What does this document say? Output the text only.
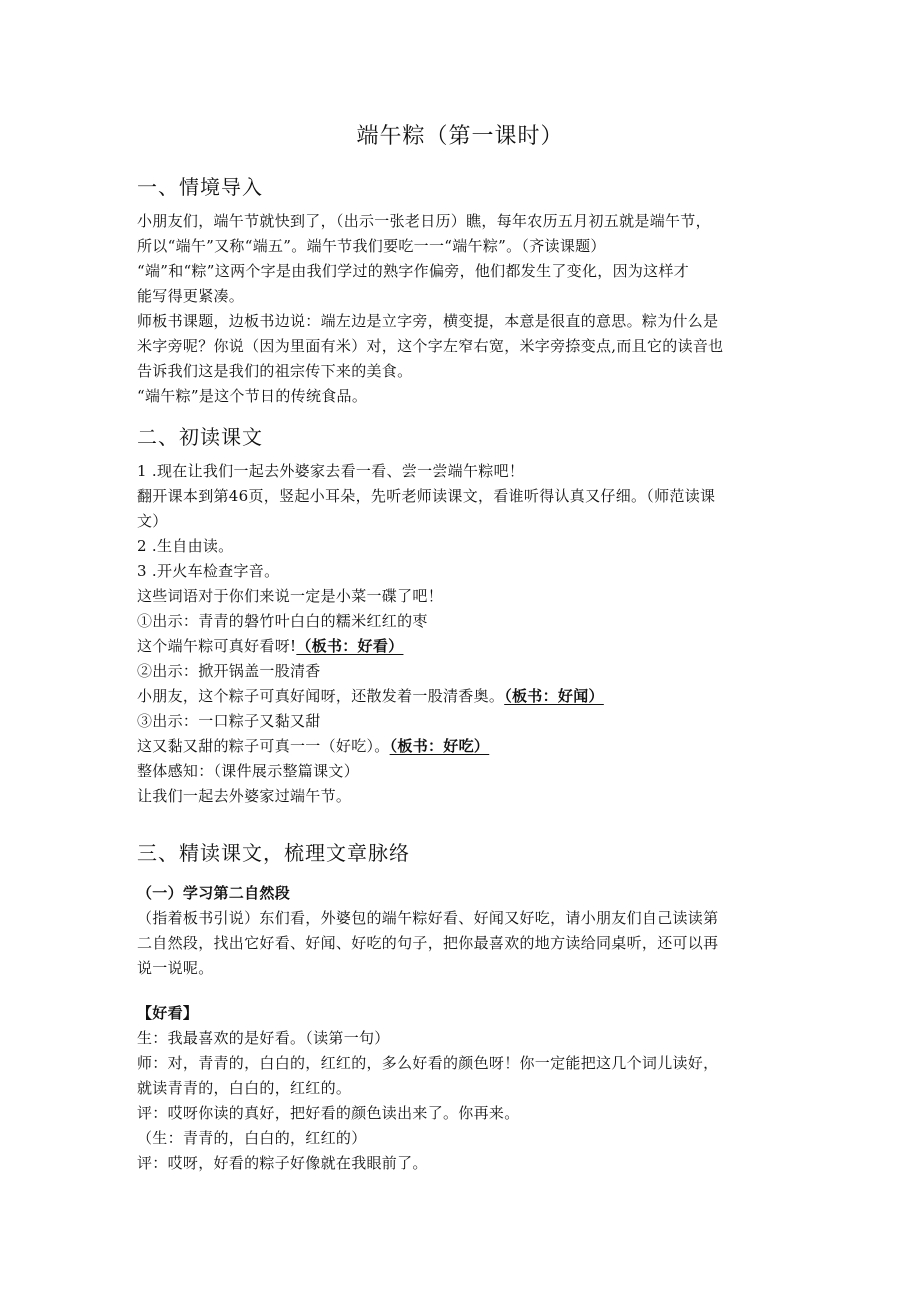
端午粽（第一课时）
一、情境导入
小朋友们，端午节就快到了，（出示一张老日历）瞧，每年农历五月初五就是端午节，
所以“端午”又称“端五”。端午节我们要吃一一“端午粽”。（齐读课题）
“端”和“粽”这两个字是由我们学过的熟字作偏旁，他们都发生了变化，因为这样才
能写得更紧凑。
师板书课题，边板书边说：端左边是立字旁，横变提，本意是很直的意思。粽为什么是
米字旁呢？你说（因为里面有米）对，这个字左窄右宽，米字旁捺变点,而且它的读音也
告诉我们这是我们的祖宗传下来的美食。
“端午粽”是这个节日的传统食品。
二、初读课文
1 .现在让我们一起去外婆家去看一看、尝一尝端午粽吧！
翻开课本到第46页，竖起小耳朵，先听老师读课文，看谁听得认真又仔细。（师范读课
文）
2 .生自由读。
3 .开火车检查字音。
这些词语对于你们来说一定是小菜一碟了吧！
①出示：青青的磐竹叶白白的糯米红红的枣
这个端午粽可真好看呀!（板书：好看）
②出示：掀开锅盖一股清香
小朋友，这个粽子可真好闻呀，还散发着一股清香奥。（板书：好闻）
③出示：一口粽子又黏又甜
这又黏又甜的粽子可真一一（好吃）。（板书：好吃）
整体感知：（课件展示整篇课文）
让我们一起去外婆家过端午节。
三、精读课文，梳理文章脉络
（一）学习第二自然段
（指着板书引说）东们看，外婆包的端午粽好看、好闻又好吃，请小朋友们自己读读第
二自然段，找出它好看、好闻、好吃的句子，把你最喜欢的地方读给同桌听，还可以再
说一说呢。
【好看】
生：我最喜欢的是好看。（读第一句）
师：对，青青的，白白的，红红的，多么好看的颜色呀！你一定能把这几个词儿读好，
就读青青的，白白的，红红的。
评：哎呀你读的真好，把好看的颜色读出来了。你再来。
（生：青青的，白白的，红红的）
评：哎呀，好看的粽子好像就在我眼前了。
